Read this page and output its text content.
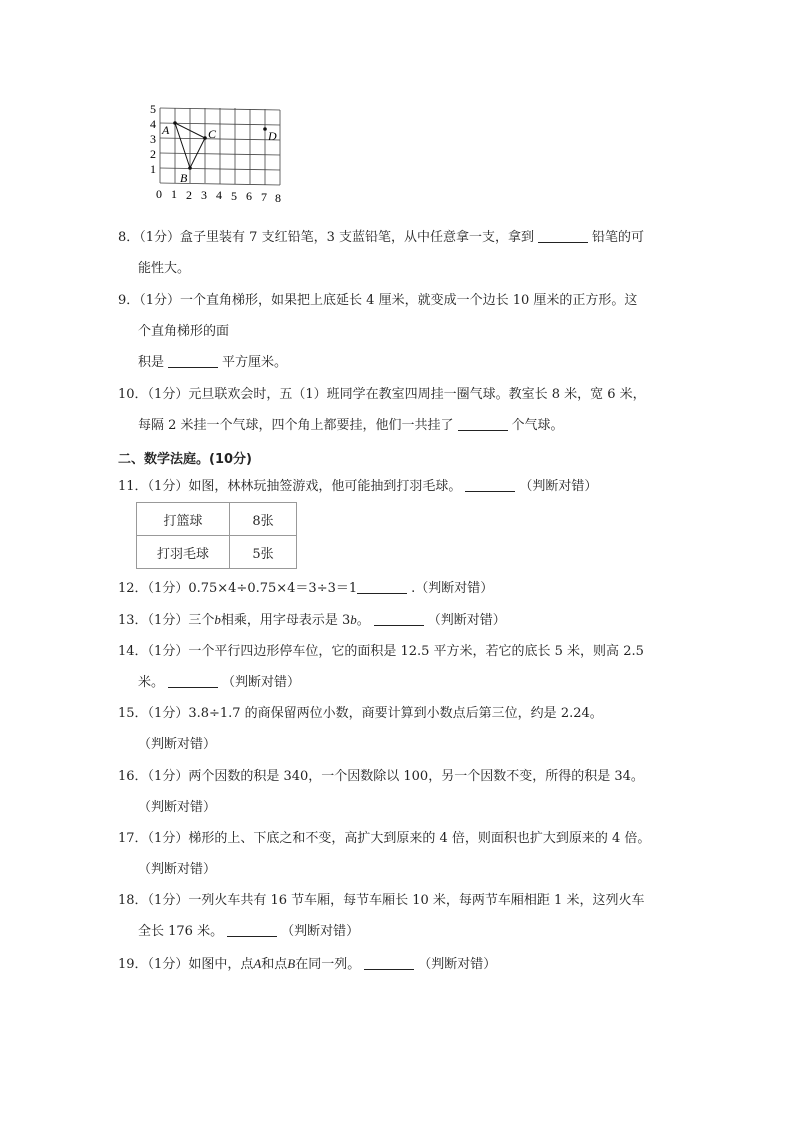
A
B
C	D
5
4
3
2
1
0 1 2 3 4 5 6 7 8
8．（1分）盒子里装有 7 支红铅笔，3 支蓝铅笔，从中任意拿一支，拿到	铅笔的可
能性大。
9．（1分）一个直角梯形，如果把上底延长 4 厘米，就变成一个边长 10 厘米的正方形。这
个直角梯形的面
积是	平方厘米。
10．（1分）元旦联欢会时，五（1）班同学在教室四周挂一圈气球。教室长 8 米，宽 6 米，
每隔 2 米挂一个气球，四个角上都要挂，他们一共挂了	个气球。
二、数学法庭。(10分)
11．（1分）如图，林林玩抽签游戏，他可能抽到打羽毛球。	（判断对错）
打篮球	8张
打羽毛球	5张
12．（1分）0.75×4÷0.75×4＝3÷3＝1	.（判断对错）
13．（1分）三个b相乘，用字母表示是 3b。	（判断对错）
14．（1分）一个平行四边形停车位，它的面积是 12.5 平方米，若它的底长 5 米，则高 2.5
米。	（判断对错）
15．（1分）3.8÷1.7 的商保留两位小数，商要计算到小数点后第三位，约是 2.24。
（判断对错）
16．（1分）两个因数的积是 340，一个因数除以 100，另一个因数不变，所得的积是 34。
（判断对错）
17．（1分）梯形的上、下底之和不变，高扩大到原来的 4 倍，则面积也扩大到原来的 4 倍。
（判断对错）
18．（1分）一列火车共有 16 节车厢，每节车厢长 10 米，每两节车厢相距 1 米，这列火车
全长 176 米。	（判断对错）
19．（1分）如图中，点A和点B在同一列。	（判断对错）
